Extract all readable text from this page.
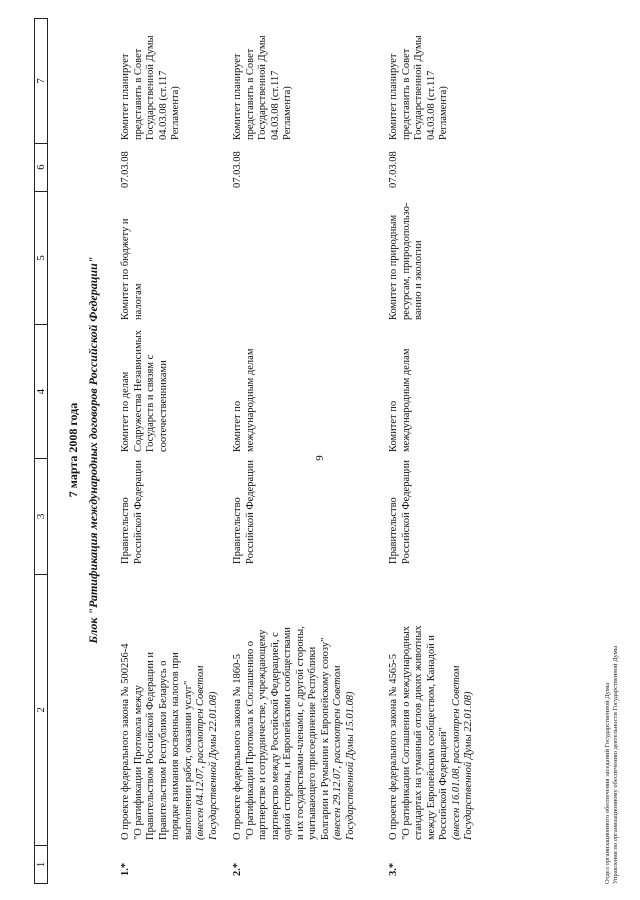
9
1
2
3
4
5
6
7
7 марта 2008 года Блок "Ратификация международных договоров Российской Федерации"
1.*
О проекте федерального закона № 500256-4 "О ратификации Протокола между Правительством Российской Федерации и Правительством Республики Беларусь о порядке взимания косвенных налогов при выполнении работ, оказании услуг" (внесен 04.12.07, рассмотрен Советом Государственной Думы 22.01.08)
Правительство Российской Федерации
Комитет по делам Содружества Независимых Государств и связям с соотечественниками
Комитет по бюджету и налогам
07.03.08
Комитет планирует представить в Совет Государственной Думы 04.03.08 (ст.117 Регламента)
2.*
О проекте федерального закона № 1860-5 "О ратификации Протокола к Соглашению о партнерстве и сотрудничестве, учреждающему партнерство между Российской Федерацией, с одной стороны, и Европейскими сообществами и их государствами-членами, с другой стороны, учитывающего присоединение Республики Болгарии и Румынии к Европейскому союзу" (внесен 29.12.07, рассмотрен Советом Государственной Думы 15.01.08)
Правительство Российской Федерации
Комитет по международным делам
07.03.08
Комитет планирует представить в Совет Государственной Думы 04.03.08 (ст.117 Регламента)
3.*
О проекте федерального закона № 4565-5 "О ратификации Соглашения о международных стандартах на гуманный отлов диких животных между Европейским сообществом, Канадой и Российской Федерацией" (внесен 16.01.08, рассмотрен Советом Государственной Думы 22.01.08)
Правительство Российской Федерации
Комитет по международным делам
Комитет по природным ресурсам, природопользо-ванию и экологии
07.03.08
Комитет планирует представить в Совет Государственной Думы 04.03.08 (ст.117 Регламента)
Отдел организационного обеспечения заседаний Государственной Думы Управления по организационному обеспечению деятельности Государственной Думы
